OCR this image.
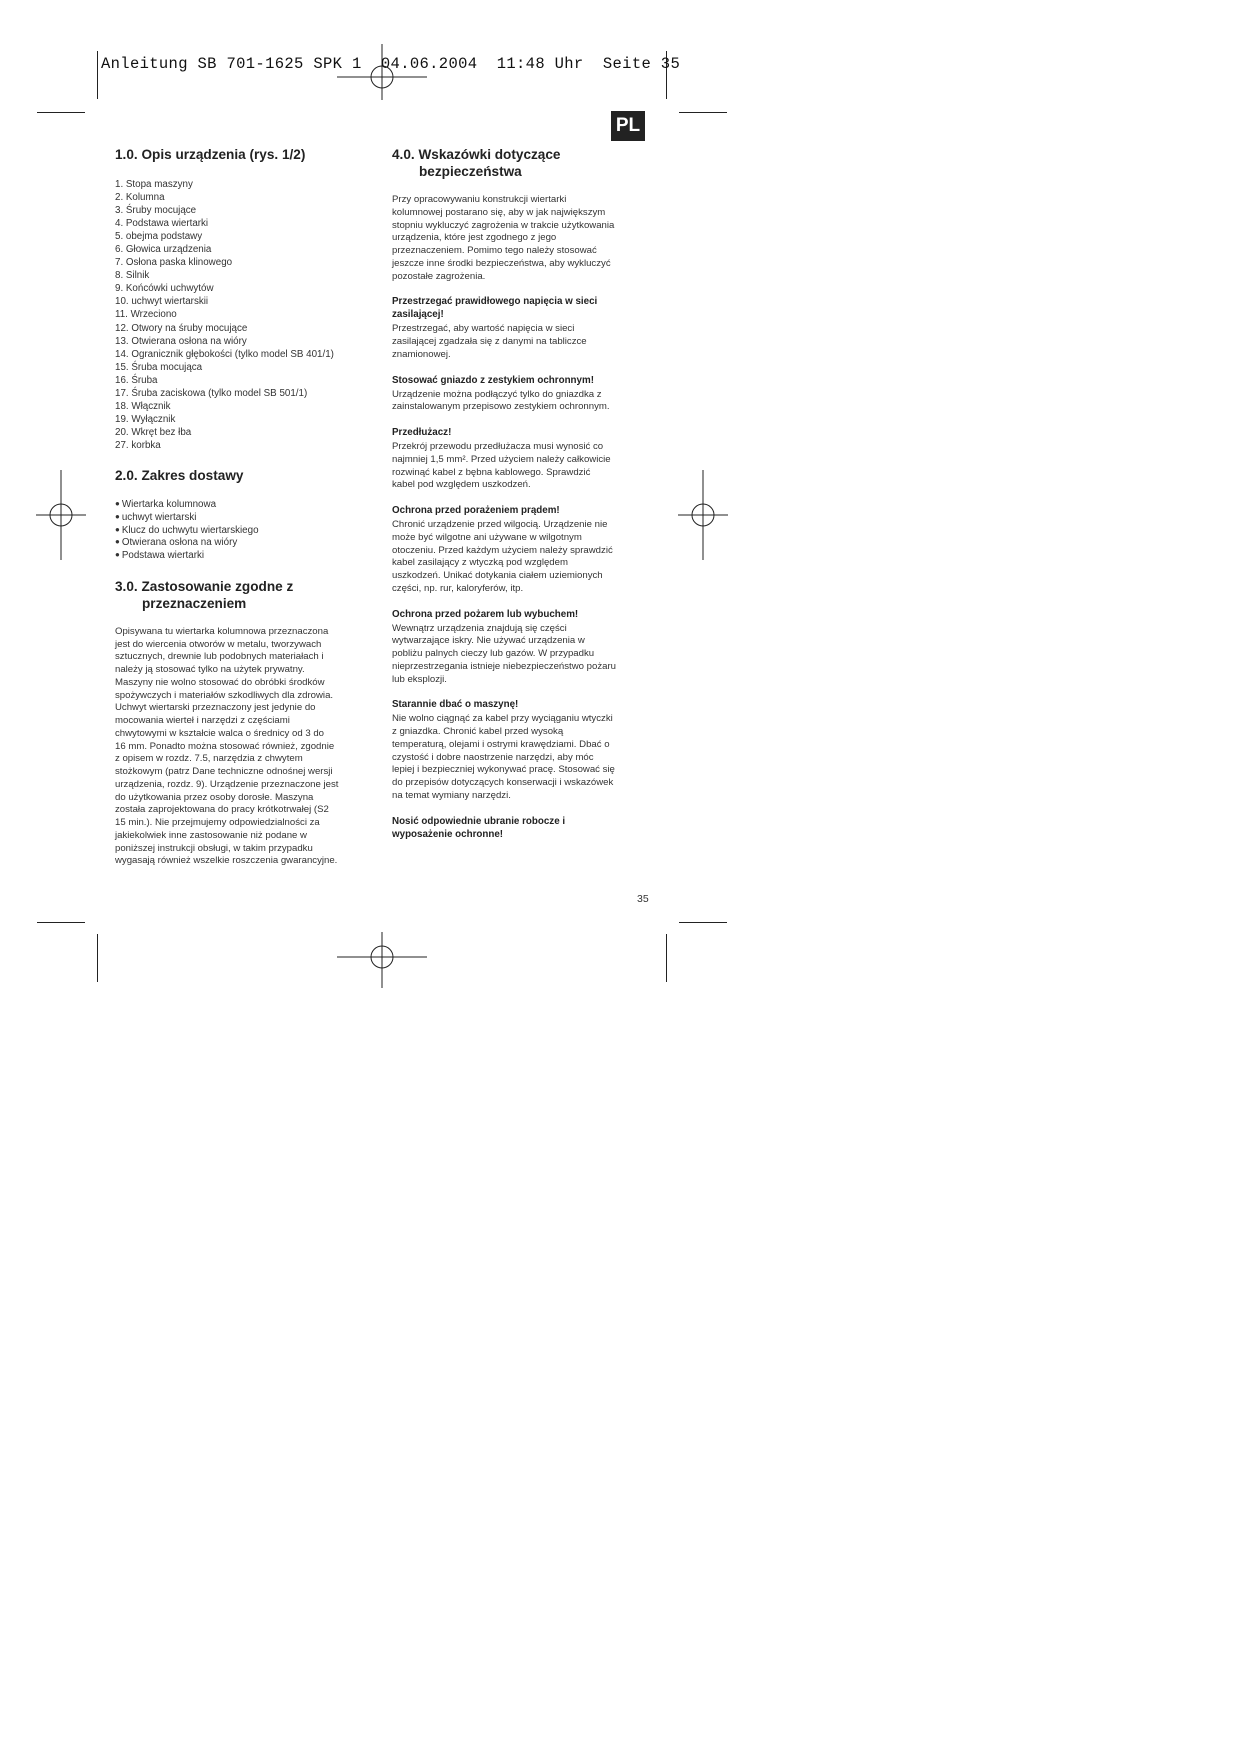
Anleitung SB 701-1625 SPK 1  04.06.2004  11:48 Uhr  Seite 35
PL
1.0. Opis urządzenia (rys. 1/2)
1. Stopa maszyny
2. Kolumna
3. Śruby mocujące
4. Podstawa wiertarki
5. obejma podstawy
6. Głowica urządzenia
7. Osłona paska klinowego
8. Silnik
9. Końcówki uchwytów
10. uchwyt wiertarskii
11. Wrzeciono
12. Otwory na śruby mocujące
13. Otwierana osłona na wióry
14. Ogranicznik głębokości (tylko model SB 401/1)
15. Śruba mocująca
16. Śruba
17. Śruba zaciskowa (tylko model SB 501/1)
18. Włącznik
19. Wyłącznik
20. Wkręt bez łba
27. korbka
2.0. Zakres dostawy
● Wiertarka kolumnowa
● uchwyt wiertarski
● Klucz do uchwytu wiertarskiego
● Otwierana osłona na wióry
● Podstawa wiertarki
3.0. Zastosowanie zgodne z
przeznaczeniem
Opisywana tu wiertarka kolumnowa przeznaczona
jest do wiercenia otworów w metalu, tworzywach
sztucznych, drewnie lub podobnych materiałach i
należy ją stosować tylko na użytek prywatny.
Maszyny nie wolno stosować do obróbki środków
spożywczych i materiałów szkodliwych dla zdrowia.
Uchwyt wiertarski przeznaczony jest jedynie do
mocowania wierteł i narzędzi z częściami
chwytowymi w kształcie walca o średnicy od 3 do
16 mm. Ponadto można stosować również, zgodnie
z opisem w rozdz. 7.5, narzędzia z chwytem
stożkowym (patrz Dane techniczne odnośnej wersji
urządzenia, rozdz. 9). Urządzenie przeznaczone jest
do użytkowania przez osoby dorosłe. Maszyna
została zaprojektowana do pracy krótkotrwałej (S2
15 min.). Nie przejmujemy odpowiedzialności za
jakiekolwiek inne zastosowanie niż podane w
poniższej instrukcji obsługi, w takim przypadku
wygasają również wszelkie roszczenia gwarancyjne.
4.0. Wskazówki dotyczące
bezpieczeństwa
Przy opracowywaniu konstrukcji wiertarki
kolumnowej postarano się, aby w jak największym
stopniu wykluczyć zagrożenia w trakcie użytkowania
urządzenia, które jest zgodnego z jego
przeznaczeniem. Pomimo tego należy stosować
jeszcze inne środki bezpieczeństwa, aby wykluczyć
pozostałe zagrożenia.
Przestrzegać prawidłowego napięcia w sieci
zasilającej!
Przestrzegać, aby wartość napięcia w sieci
zasilającej zgadzała się z danymi na tabliczce
znamionowej.
Stosować gniazdo z zestykiem ochronnym!
Urządzenie można podłączyć tylko do gniazdka z
zainstalowanym przepisowo zestykiem ochronnym.
Przedłużacz!
Przekrój przewodu przedłużacza musi wynosić co
najmniej 1,5 mm². Przed użyciem należy całkowicie
rozwinąć kabel z bębna kablowego. Sprawdzić
kabel pod względem uszkodzeń.
Ochrona przed porażeniem prądem!
Chronić urządzenie przed wilgocią. Urządzenie nie
może być wilgotne ani używane w wilgotnym
otoczeniu. Przed każdym użyciem należy sprawdzić
kabel zasilający z wtyczką pod względem
uszkodzeń. Unikać dotykania ciałem uziemionych
części, np. rur, kaloryferów, itp.
Ochrona przed pożarem lub wybuchem!
Wewnątrz urządzenia znajdują się części
wytwarzające iskry. Nie używać urządzenia w
pobliżu palnych cieczy lub gazów. W przypadku
nieprzestrzegania istnieje niebezpieczeństwo pożaru
lub eksplozji.
Starannie dbać o maszynę!
Nie wolno ciągnąć za kabel przy wyciąganiu wtyczki
z gniazdka. Chronić kabel przed wysoką
temperaturą, olejami i ostrymi krawędziami. Dbać o
czystość i dobre naostrzenie narzędzi, aby móc
lepiej i bezpieczniej wykonywać pracę. Stosować się
do przepisów dotyczących konserwacji i wskazówek
na temat wymiany narzędzi.
Nosić odpowiednie ubranie robocze i
wyposażenie ochronne!
35
